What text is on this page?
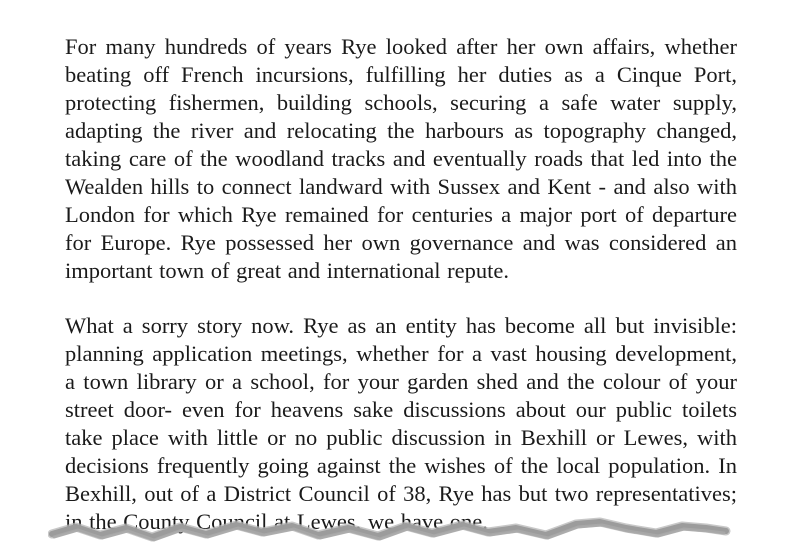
For many hundreds of years Rye looked after her own affairs, whether
beating off French incursions, fulfilling her duties as a Cinque Port,
protecting fishermen, building schools, securing a safe water supply,
adapting the river and relocating the harbours as topography changed,
taking care of the woodland tracks and eventually roads that led into the
Wealden hills to connect landward with Sussex and Kent - and also with
London for which Rye remained for centuries a major port of departure
for Europe. Rye possessed her own governance and was considered an
important town of great and international repute.
What a sorry story now. Rye as an entity has become all but invisible:
planning application meetings, whether for a vast housing development,
a town library or a school, for your garden shed and the colour of your
street door- even for heavens sake discussions about our public toilets
take place with little or no public discussion in Bexhill or Lewes, with
decisions frequently going against the wishes of the local population. In
Bexhill, out of a District Council of 38, Rye has but two representatives;
in the County Council at Lewes, we have one.
